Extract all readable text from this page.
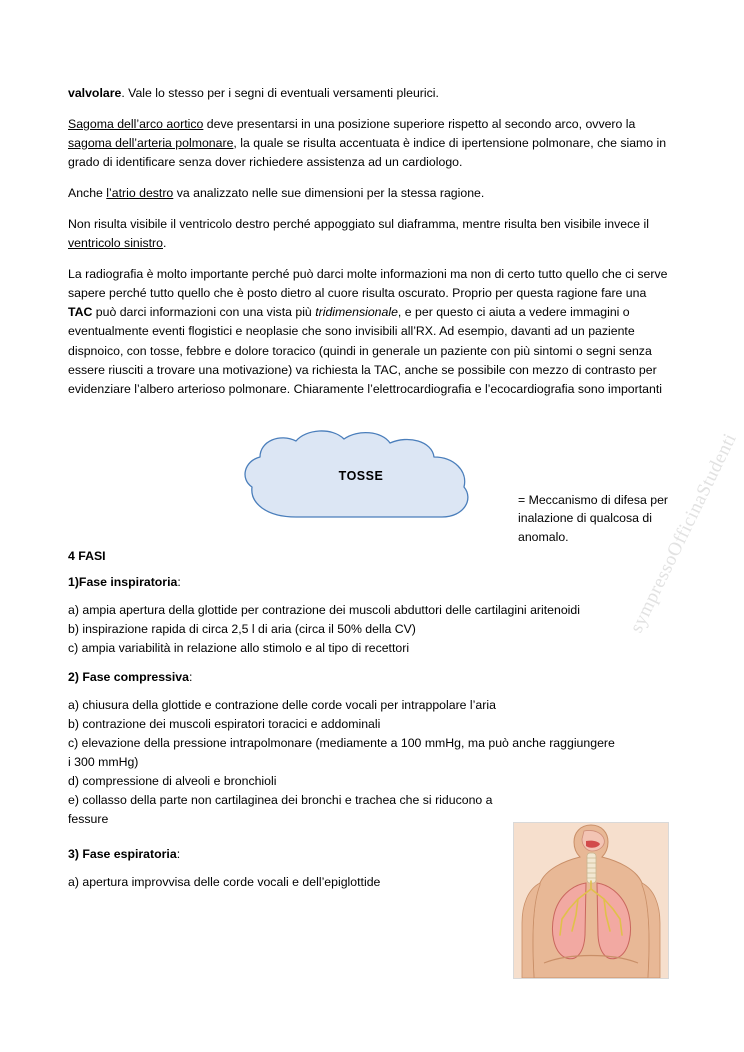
sympressoOfficinaStudenti

valvolare. Vale lo stesso per i segni di eventuali versamenti pleurici.

Sagoma dell’arco aortico deve presentarsi in una posizione superiore rispetto al secondo arco, ovvero la sagoma dell’arteria polmonare, la quale se risulta accentuata è indice di ipertensione polmonare, che siamo in grado di identificare senza dover richiedere assistenza ad un cardiologo.

Anche l’atrio destro va analizzato nelle sue dimensioni per la stessa ragione.

Non risulta visibile il ventricolo destro perché appoggiato sul diaframma, mentre risulta ben visibile invece il ventricolo sinistro.

La radiografia è molto importante perché può darci molte informazioni ma non di certo tutto quello che ci serve sapere perché tutto quello che è posto dietro al cuore risulta oscurato. Proprio per questa ragione fare una TAC può darci informazioni con una vista più tridimensionale, e per questo ci aiuta a vedere immagini o eventualmente eventi flogistici e neoplasie che sono invisibili all’RX. Ad esempio, davanti ad un paziente dispnoico, con tosse, febbre e dolore toracico (quindi in generale un paziente con più sintomi o segni senza essere riusciti a trovare una motivazione) va richiesta la TAC, anche se possibile con mezzo di contrasto per evidenziare l’albero arterioso polmonare. Chiaramente l’elettrocardiografia e l’ecocardiografia sono importanti

TOSSE
= Meccanismo di difesa per inalazione di qualcosa di anomalo.
4 FASI
1)Fase inspiratoria:
a) ampia apertura della glottide per contrazione dei muscoli abduttori delle cartilagini aritenoidi
b) inspirazione rapida di circa 2,5 l di aria (circa il 50% della CV)
c) ampia variabilità in relazione allo stimolo e al tipo di recettori
2) Fase compressiva:
a) chiusura della glottide e contrazione delle corde vocali per intrappolare l’aria
b) contrazione dei muscoli espiratori toracici e addominali
c) elevazione della pressione intrapolmonare (mediamente a 100 mmHg, ma può anche raggiungere i 300 mmHg)
d) compressione di alveoli e bronchioli
e) collasso della parte non cartilaginea dei bronchi e trachea che si riducono a fessure
3) Fase espiratoria:
a) apertura improvvisa delle corde vocali e dell’epiglottide
